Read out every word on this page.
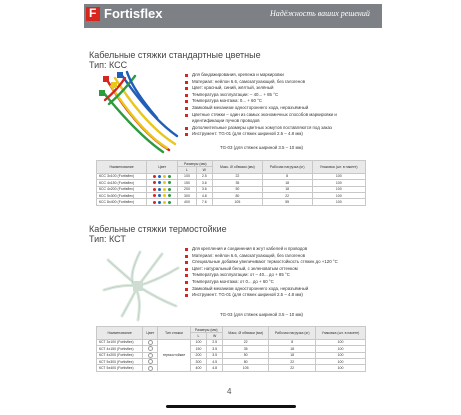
F
Fortisflex	Надёжность ваших решений
Кабельные стяжки стандартные цветные
Тип: КСС
Для бандажирования, крепежа и маркировки
Материал: нейлон 6.6, самозатухающий, без галогенов
Цвет: красный, синий, жёлтый, зелёный
Температура эксплуатации: – 40... + 85 °C
Температура монтажа: 0... + 60 °C
Замковый механизм одностороннего хода, неразъёмный
Цветные стяжки – один из самых экономичных способов маркировки и идентификации пучков проводов
Дополнительные размеры цветных хомутов поставляются под заказ
Инструмент: TG-01 (для стяжек шириной 2.5 – 4.8 мм)
TG-03 (для стяжек шириной 3.5 – 10 мм)
Наименование	Цвет	Размеры (мм)		Макс. Ø обвязки (мм)	Рабочая нагрузка (кг)	Упаковка (шт. в пакете)
		L	W			
КСС 3x100 (Fortisflex)		100	2.5	22	8	100
КСС 4x150 (Fortisflex)		150	3.6	35	18	100
КСС 4x200 (Fortisflex)		200	3.6	50	18	100
КСС 5x300 (Fortisflex)		300	4.8	80	22	100
КСС 8x400 (Fortisflex)		400	7.6	105	55	100
Кабельные стяжки термостойкие
Тип: КСТ
Для крепления и соединения в жгут кабелей и проводов
Материал: нейлон 6.6, самозатухающий, без галогенов
Специальные добавки увеличивают термостойкость стяжек до +120 °C
Цвет: натуральный белый, с зеленоватым оттенком
Температура эксплуатации: от – 40... до + 85 °C
Температура монтажа: от 0... до + 60 °C
Замковый механизм одностороннего хода, неразъёмный
Инструмент: TG-01 (для стяжек шириной 2.5 – 4.8 мм)
TG-03 (для стяжек шириной 3.5 – 10 мм)
Наименование	Цвет	Тип стяжки	Размеры (мм)		Макс. Ø обвязки (мм)	Рабочая нагрузка (кг)	Упаковка (шт. в пакете)
			L	W			
КСТ 3x100 (Fortisflex)		термостойкие	100	2.5	22	8	100
КСТ 4x150 (Fortisflex)			150	3.5	35	18	100
КСТ 4x200 (Fortisflex)			200	3.5	50	18	100
КСТ 5x300 (Fortisflex)			300	4.5	80	22	100
КСТ 5x400 (Fortisflex)			400	4.8	105	22	100
4
